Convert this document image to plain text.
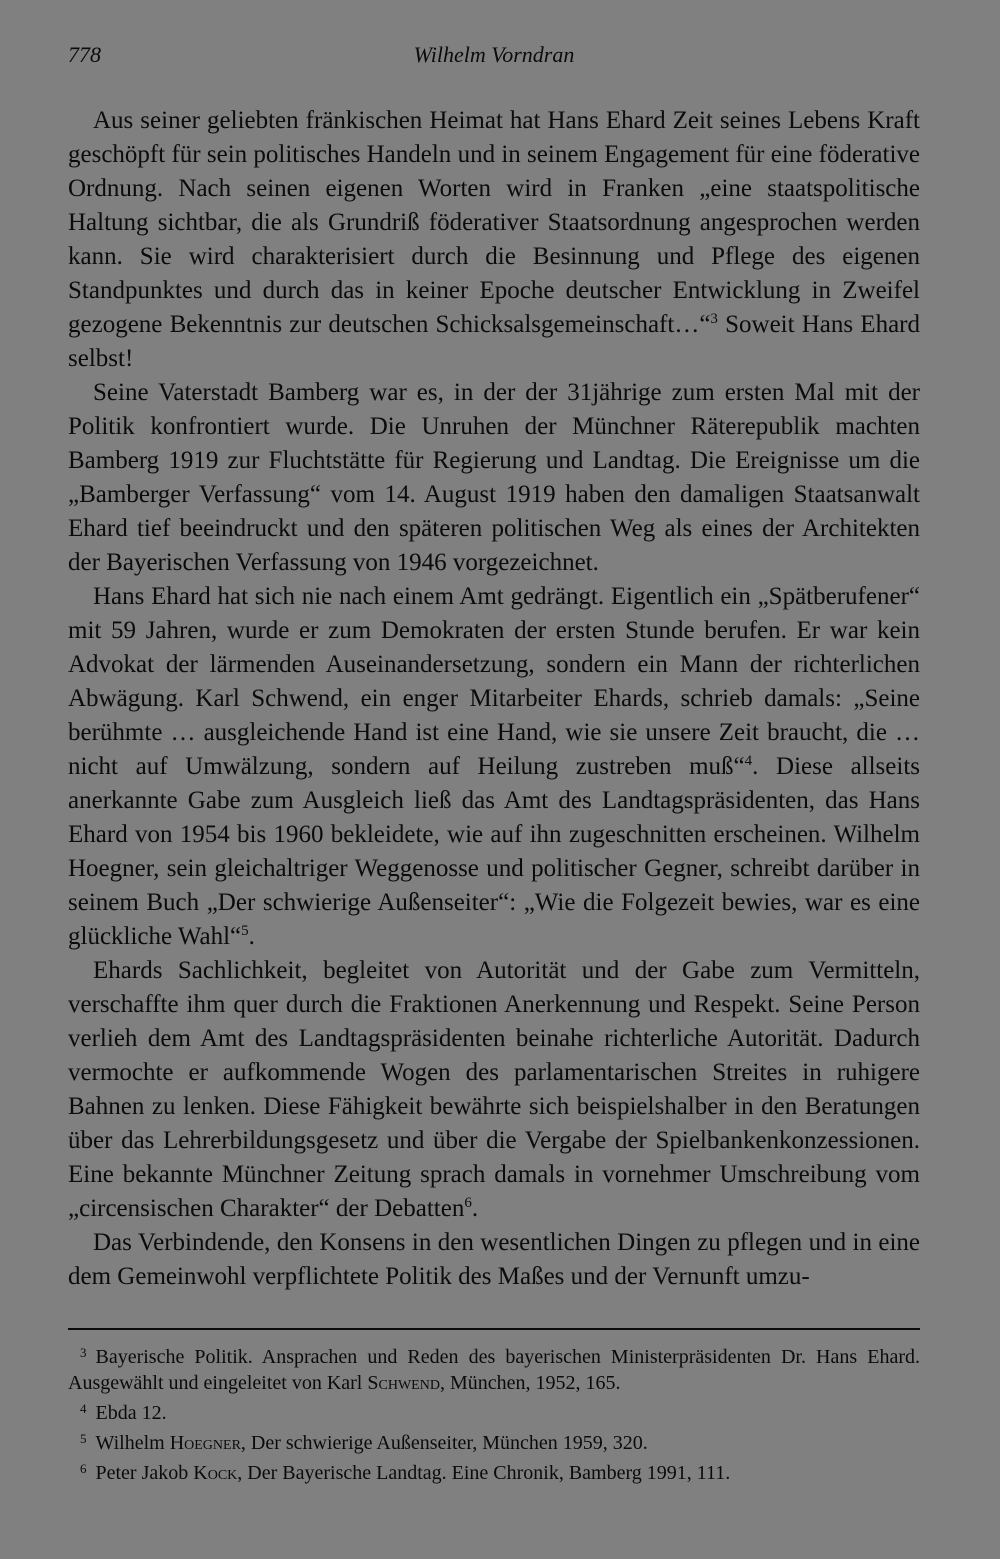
778	Wilhelm Vorndran

Aus seiner geliebten fränkischen Heimat hat Hans Ehard Zeit seines Lebens Kraft geschöpft für sein politisches Handeln und in seinem Engagement für eine föderative Ordnung. Nach seinen eigenen Worten wird in Franken „eine staatspolitische Haltung sichtbar, die als Grundriß föderativer Staatsordnung angesprochen werden kann. Sie wird charakterisiert durch die Besinnung und Pflege des eigenen Standpunktes und durch das in keiner Epoche deutscher Entwicklung in Zweifel gezogene Bekenntnis zur deutschen Schicksalsgemeinschaft…“$^3$ Soweit Hans Ehard selbst!

Seine Vaterstadt Bamberg war es, in der der 31jährige zum ersten Mal mit der Politik konfrontiert wurde. Die Unruhen der Münchner Räterepublik machten Bamberg 1919 zur Fluchtstätte für Regierung und Landtag. Die Ereignisse um die „Bamberger Verfassung“ vom 14. August 1919 haben den damaligen Staatsanwalt Ehard tief beeindruckt und den späteren politischen Weg als eines der Architekten der Bayerischen Verfassung von 1946 vorgezeichnet.

Hans Ehard hat sich nie nach einem Amt gedrängt. Eigentlich ein „Spätberufener“ mit 59 Jahren, wurde er zum Demokraten der ersten Stunde berufen. Er war kein Advokat der lärmenden Auseinandersetzung, sondern ein Mann der richterlichen Abwägung. Karl Schwend, ein enger Mitarbeiter Ehards, schrieb damals: „Seine berühmte … ausgleichende Hand ist eine Hand, wie sie unsere Zeit braucht, die … nicht auf Umwälzung, sondern auf Heilung zustreben muß“$^4$. Diese allseits anerkannte Gabe zum Ausgleich ließ das Amt des Landtagspräsidenten, das Hans Ehard von 1954 bis 1960 bekleidete, wie auf ihn zugeschnitten erscheinen. Wilhelm Hoegner, sein gleichaltriger Weggenosse und politischer Gegner, schreibt darüber in seinem Buch „Der schwierige Außenseiter“: „Wie die Folgezeit bewies, war es eine glückliche Wahl“$^5$.

Ehards Sachlichkeit, begleitet von Autorität und der Gabe zum Vermitteln, verschaffte ihm quer durch die Fraktionen Anerkennung und Respekt. Seine Person verlieh dem Amt des Landtagspräsidenten beinahe richterliche Autorität. Dadurch vermochte er aufkommende Wogen des parlamentarischen Streites in ruhigere Bahnen zu lenken. Diese Fähigkeit bewährte sich beispielshalber in den Beratungen über das Lehrerbildungsgesetz und über die Vergabe der Spielbankenkonzessionen. Eine bekannte Münchner Zeitung sprach damals in vornehmer Umschreibung vom „circensischen Charakter“ der Debatten$^6$.

Das Verbindende, den Konsens in den wesentlichen Dingen zu pflegen und in eine dem Gemeinwohl verpflichtete Politik des Maßes und der Vernunft umzu-

$^3$ Bayerische Politik. Ansprachen und Reden des bayerischen Ministerpräsidenten Dr. Hans Ehard. Ausgewählt und eingeleitet von Karl Schwend, München, 1952, 165.
$^4$ Ebda 12.
$^5$ Wilhelm Hoegner, Der schwierige Außenseiter, München 1959, 320.
$^6$ Peter Jakob Kock, Der Bayerische Landtag. Eine Chronik, Bamberg 1991, 111.
